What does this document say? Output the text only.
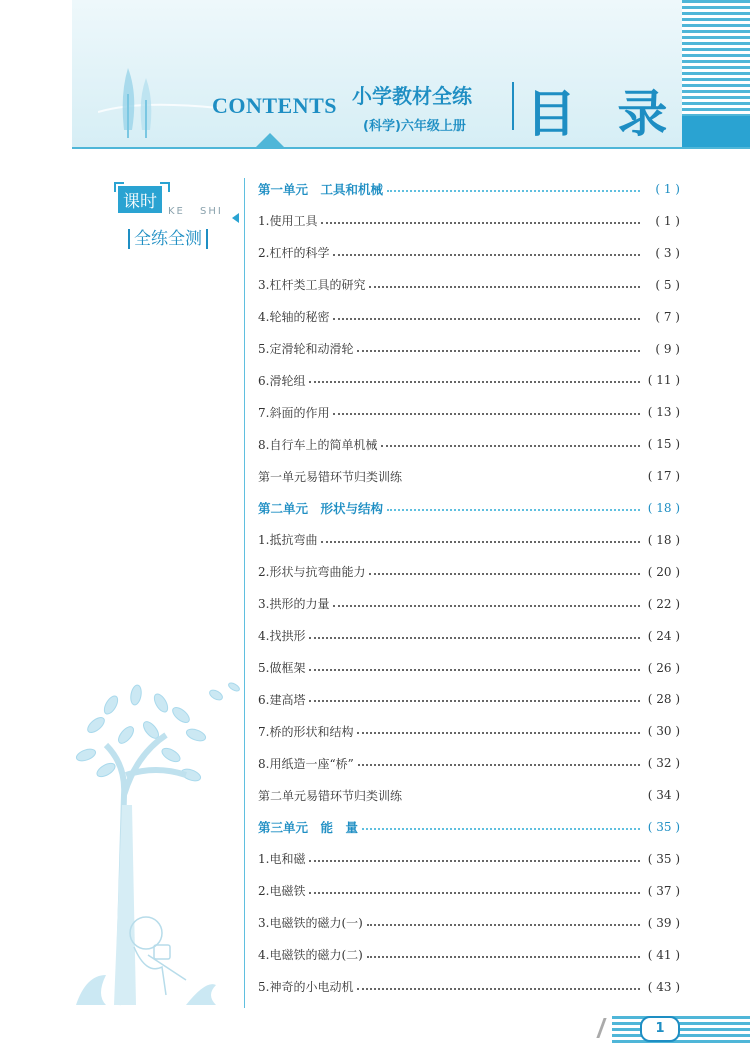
CONTENTS 小学教材全练
(科学)六年级上册 目 录
课时	KE SHI
全练全测
第一单元　工具和机械	( 1 )
1.使用工具	( 1 )
2.杠杆的科学	( 3 )
3.杠杆类工具的研究	( 5 )
4.轮轴的秘密	( 7 )
5.定滑轮和动滑轮	( 9 )
6.滑轮组	( 11 )
7.斜面的作用	( 13 )
8.自行车上的简单机械	( 15 )
第一单元易错环节归类训练	( 17 )
第二单元　形状与结构	( 18 )
1.抵抗弯曲	( 18 )
2.形状与抗弯曲能力	( 20 )
3.拱形的力量	( 22 )
4.找拱形	( 24 )
5.做框架	( 26 )
6.建高塔	( 28 )
7.桥的形状和结构	( 30 )
8.用纸造一座“桥”	( 32 )
第二单元易错环节归类训练	( 34 )
第三单元　能　量	( 35 )
1.电和磁	( 35 )
2.电磁铁	( 37 )
3.电磁铁的磁力(一)	( 39 )
4.电磁铁的磁力(二)	( 41 )
5.神奇的小电动机	( 43 )
1
